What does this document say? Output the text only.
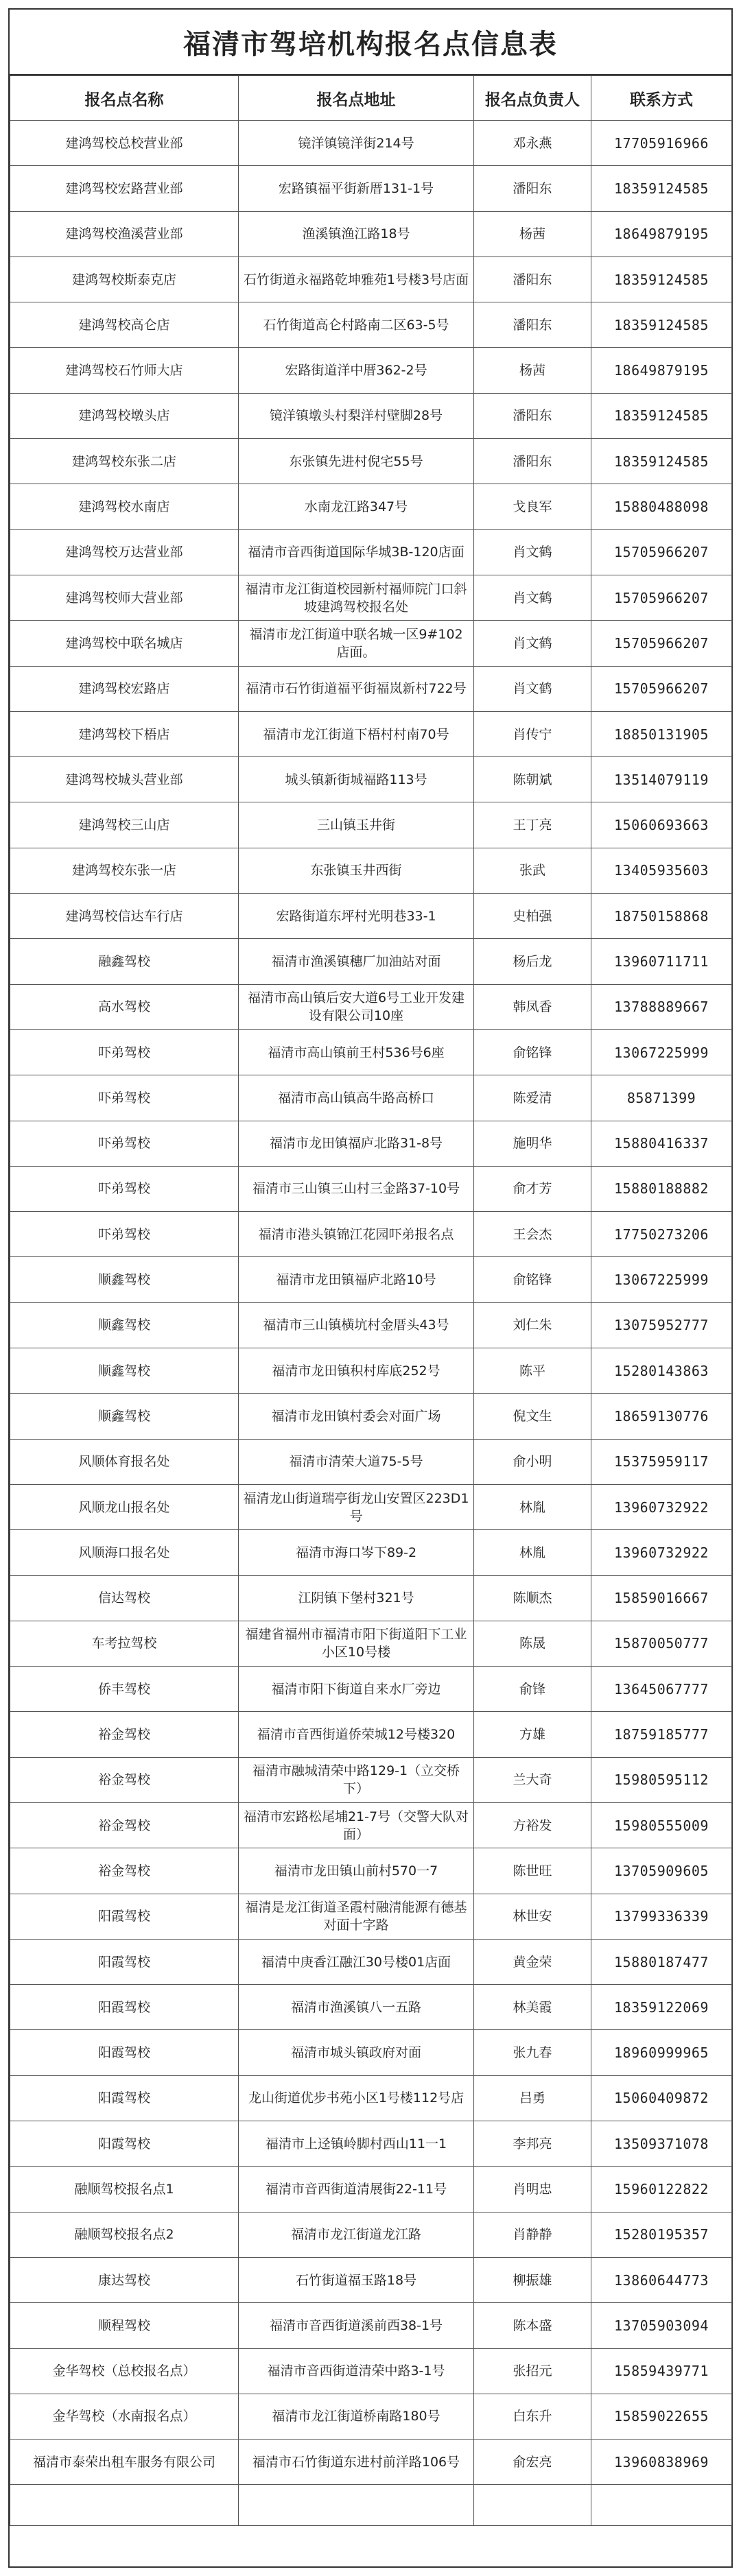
福清市驾培机构报名点信息表
报名点名称	报名点地址	报名点负责人	联系方式
建鸿驾校总校营业部	镜洋镇镜洋街214号	邓永燕	17705916966
建鸿驾校宏路营业部	宏路镇福平街新厝131-1号	潘阳东	18359124585
建鸿驾校渔溪营业部	渔溪镇渔江路18号	杨茜	18649879195
建鸿驾校斯泰克店	石竹街道永福路乾坤雅苑1号楼3号店面	潘阳东	18359124585
建鸿驾校高仑店	石竹街道高仑村路南二区63-5号	潘阳东	18359124585
建鸿驾校石竹师大店	宏路街道洋中厝362-2号	杨茜	18649879195
建鸿驾校墩头店	镜洋镇墩头村梨洋村壁脚28号	潘阳东	18359124585
建鸿驾校东张二店	东张镇先进村倪宅55号	潘阳东	18359124585
建鸿驾校水南店	水南龙江路347号	戈良军	15880488098
建鸿驾校万达营业部	福清市音西街道国际华城3B-120店面	肖文鹤	15705966207
建鸿驾校师大营业部	福清市龙江街道校园新村福师院门口斜坡建鸿驾校报名处	肖文鹤	15705966207
建鸿驾校中联名城店	福清市龙江街道中联名城一区9#102店面。	肖文鹤	15705966207
建鸿驾校宏路店	福清市石竹街道福平街福岚新村722号	肖文鹤	15705966207
建鸿驾校下梧店	福清市龙江街道下梧村村南70号	肖传宁	18850131905
建鸿驾校城头营业部	城头镇新街城福路113号	陈朝斌	13514079119
建鸿驾校三山店	三山镇玉井街	王丁亮	15060693663
建鸿驾校东张一店	东张镇玉井西街	张武	13405935603
建鸿驾校信达车行店	宏路街道东坪村光明巷33-1	史柏强	18750158868
融鑫驾校	福清市渔溪镇穗厂加油站对面	杨后龙	13960711711
高水驾校	福清市高山镇后安大道6号工业开发建设有限公司10座	韩凤香	13788889667
吓弟驾校	福清市高山镇前王村536号6座	俞铭锋	13067225999
吓弟驾校	福清市高山镇高牛路高桥口	陈爱清	85871399
吓弟驾校	福清市龙田镇福庐北路31-8号	施明华	15880416337
吓弟驾校	福清市三山镇三山村三金路37-10号	俞才芳	15880188882
吓弟驾校	福清市港头镇锦江花园吓弟报名点	王会杰	17750273206
顺鑫驾校	福清市龙田镇福庐北路10号	俞铭锋	13067225999
顺鑫驾校	福清市三山镇横坑村金厝头43号	刘仁朱	13075952777
顺鑫驾校	福清市龙田镇积村库底252号	陈平	15280143863
顺鑫驾校	福清市龙田镇村委会对面广场	倪文生	18659130776
风顺体育报名处	福清市清荣大道75-5号	俞小明	15375959117
风顺龙山报名处	福清龙山街道瑞亭街龙山安置区223D1号	林胤	13960732922
风顺海口报名处	福清市海口岑下89-2	林胤	13960732922
信达驾校	江阴镇下堡村321号	陈顺杰	15859016667
车考拉驾校	福建省福州市福清市阳下街道阳下工业小区10号楼	陈晟	15870050777
侨丰驾校	福清市阳下街道自来水厂旁边	俞锋	13645067777
裕金驾校	福清市音西街道侨荣城12号楼320	方雄	18759185777
裕金驾校	福清市融城清荣中路129-1（立交桥下）	兰大奇	15980595112
裕金驾校	福清市宏路松尾埔21-7号（交警大队对面）	方裕发	15980555009
裕金驾校	福清市龙田镇山前村570一7	陈世旺	13705909605
阳霞驾校	福清是龙江街道圣霞村融清能源有德基对面十字路	林世安	13799336339
阳霞驾校	福清中庚香江融江30号楼01店面	黄金荣	15880187477
阳霞驾校	福清市渔溪镇八一五路	林美霞	18359122069
阳霞驾校	福清市城头镇政府对面	张九春	18960999965
阳霞驾校	龙山街道优步书苑小区1号楼112号店	吕勇	15060409872
阳霞驾校	福清市上迳镇岭脚村西山11一1	李邦亮	13509371078
融顺驾校报名点1	福清市音西街道清展街22-11号	肖明忠	15960122822
融顺驾校报名点2	福清市龙江街道龙江路	肖静静	15280195357
康达驾校	石竹街道福玉路18号	柳振雄	13860644773
顺程驾校	福清市音西街道溪前西38-1号	陈本盛	13705903094
金华驾校（总校报名点）	福清市音西街道清荣中路3-1号	张招元	15859439771
金华驾校（水南报名点）	福清市龙江街道桥南路180号	白东升	15859022655
福清市泰荣出租车服务有限公司	福清市石竹街道东进村前洋路106号	俞宏亮	13960838969
